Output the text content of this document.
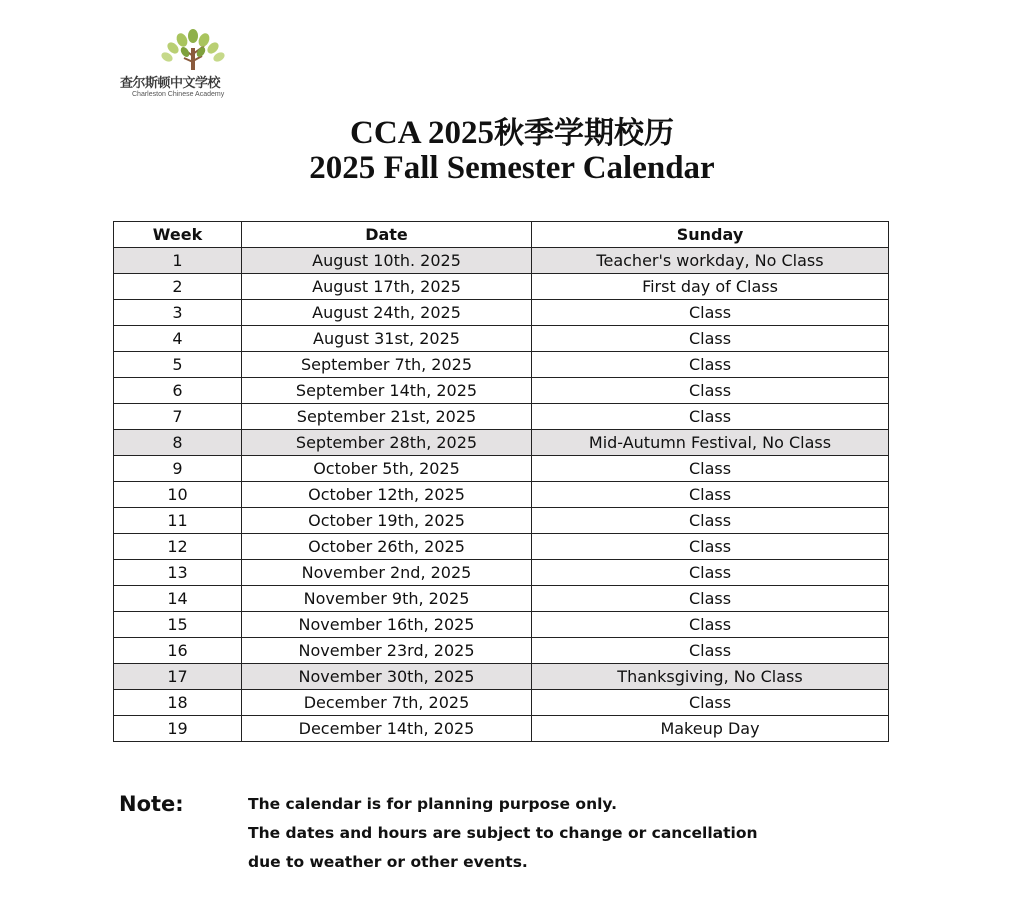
查尔斯顿中文学校
Charleston Chinese Academy
CCA 2025秋季学期校历
2025 Fall Semester Calendar
Week	Date	Sunday
1	August 10th. 2025	Teacher's workday, No Class
2	August 17th, 2025	First day of Class
3	August 24th, 2025	Class
4	August 31st, 2025	Class
5	September 7th, 2025	Class
6	September 14th, 2025	Class
7	September 21st, 2025	Class
8	September 28th, 2025	Mid-Autumn Festival, No Class
9	October 5th, 2025	Class
10	October 12th, 2025	Class
11	October 19th, 2025	Class
12	October 26th, 2025	Class
13	November 2nd, 2025	Class
14	November 9th, 2025	Class
15	November 16th, 2025	Class
16	November 23rd, 2025	Class
17	November 30th, 2025	Thanksgiving, No Class
18	December 7th, 2025	Class
19	December 14th, 2025	Makeup Day
Note:	The calendar is for planning purpose only.
The dates and hours are subject to change or cancellation
due to weather or other events.
